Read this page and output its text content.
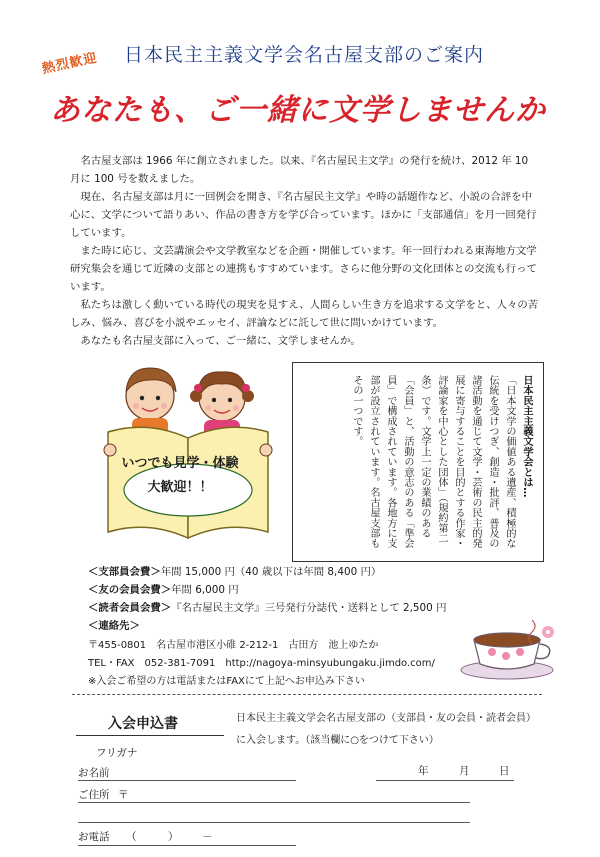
熱烈歓迎 日本民主主義文学会名古屋支部のご案内
あなたも、ご一緒に文学しませんか

名古屋支部は 1966 年に創立されました。以来、『名古屋民主文学』の発行を続け、2012 年 10 月に 100 号を数えました。

現在、名古屋支部は月に一回例会を開き、『名古屋民主文学』や時の話題作など、小説の合評を中心に、文学について語りあい、作品の書き方を学び合っています。ほかに「支部通信」を月一回発行しています。

また時に応じ、文芸講演会や文学教室などを企画・開催しています。年一回行われる東海地方文学研究集会を通じて近隣の支部との連携もすすめています。さらに他分野の文化団体との交流も行っています。

私たちは激しく動いている時代の現実を見すえ、人間らしい生き方を追求する文学をと、人々の苦しみ、悩み、喜びを小説やエッセイ、評論などに託して世に問いかけています。

あなたも名古屋支部に入って、ご一緒に、文学しませんか。

いつでも見学・体験
大歓迎！！	日本民主主義文学会とは…
「日本文学の価値ある遺産、積極的な伝統を受けつぎ、創造・批評、普及の諸活動を通じて文学・芸術の民主的発展に寄与することを目的とする作家・評論家を中心とした団体」（規約第二条）です。文学上一定の業績のある「会員」と、活動の意志のある「準会員」で構成されています。各地方に支部が設立されています。名古屋支部もその一つです。
＜支部員会費＞年間 15,000 円（40 歳以下は年間 8,400 円）
＜友の会員会費＞年間 6,000 円
＜読者会員会費＞『名古屋民主文学』三号発行分誌代・送料として 2,500 円
＜連絡先＞
〒455-0801　名古屋市港区小碓 2-212-1　古田方　池上ゆたか
TEL・FAX　052-381-7091　http://nagoya-minsyubungaku.jimdo.com/
※入会ご希望の方は電話またはFAXにて上記へお申込み下さい
入会申込書	日本民主主義文学会名古屋支部の（支部員・友の会員・読者会員）
に入会します。（該当欄に○をつけて下さい）
フリガナ
お名前	年	月	日
ご住所 〒
お電話 （　　　） －
